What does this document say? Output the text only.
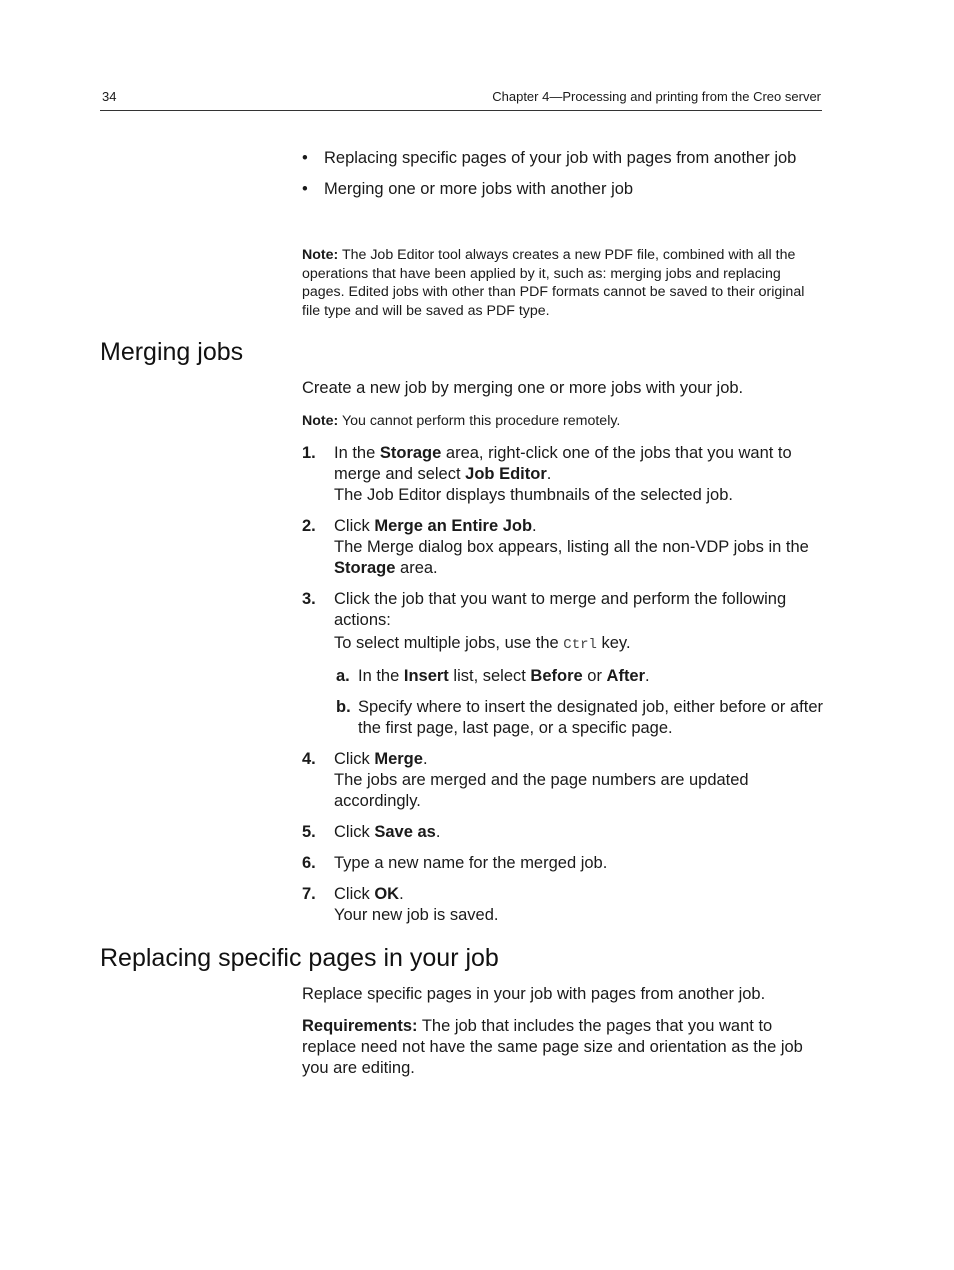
34	Chapter 4—Processing and printing from the Creo server
• Replacing specific pages of your job with pages from another job
• Merging one or more jobs with another job

Note: The Job Editor tool always creates a new PDF file, combined with all the operations that have been applied by it, such as: merging jobs and replacing pages. Edited jobs with other than PDF formats cannot be saved to their original file type and will be saved as PDF type.

Merging jobs

Create a new job by merging one or more jobs with your job.

Note: You cannot perform this procedure remotely.

1. In the Storage area, right-click one of the jobs that you want to merge and select Job Editor.

The Job Editor displays thumbnails of the selected job.

2. Click Merge an Entire Job.

The Merge dialog box appears, listing all the non-VDP jobs in the Storage area.

3. Click the job that you want to merge and perform the following actions:

To select multiple jobs, use the Ctrl key.

a. In the Insert list, select Before or After.

b. Specify where to insert the designated job, either before or after the first page, last page, or a specific page.

4. Click Merge.

The jobs are merged and the page numbers are updated accordingly.

5. Click Save as.

6. Type a new name for the merged job.

7. Click OK.

Your new job is saved.

Replacing specific pages in your job

Replace specific pages in your job with pages from another job.

Requirements: The job that includes the pages that you want to replace need not have the same page size and orientation as the job you are editing.
